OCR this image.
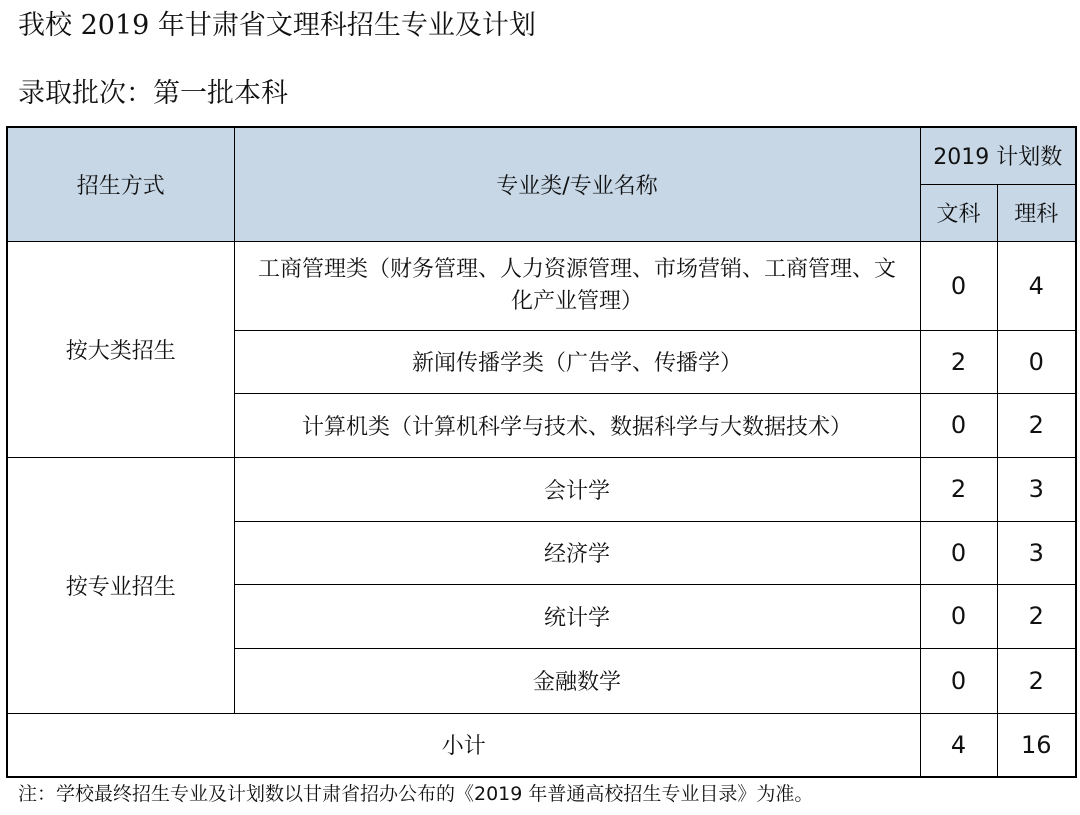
我校 2019 年甘肃省文理科招生专业及计划
录取批次：第一批本科
招生方式	专业类/专业名称	2019 计划数	
		文科	理科
按大类招生	工商管理类（财务管理、人力资源管理、市场营销、工商管理、文化产业管理）	0	4
	新闻传播学类（广告学、传播学）	2	0
	计算机类（计算机科学与技术、数据科学与大数据技术）	0	2
按专业招生	会计学	2	3
	经济学	0	3
	统计学	0	2
	金融数学	0	2
小计		4	16
注：学校最终招生专业及计划数以甘肃省招办公布的《2019 年普通高校招生专业目录》为准。
